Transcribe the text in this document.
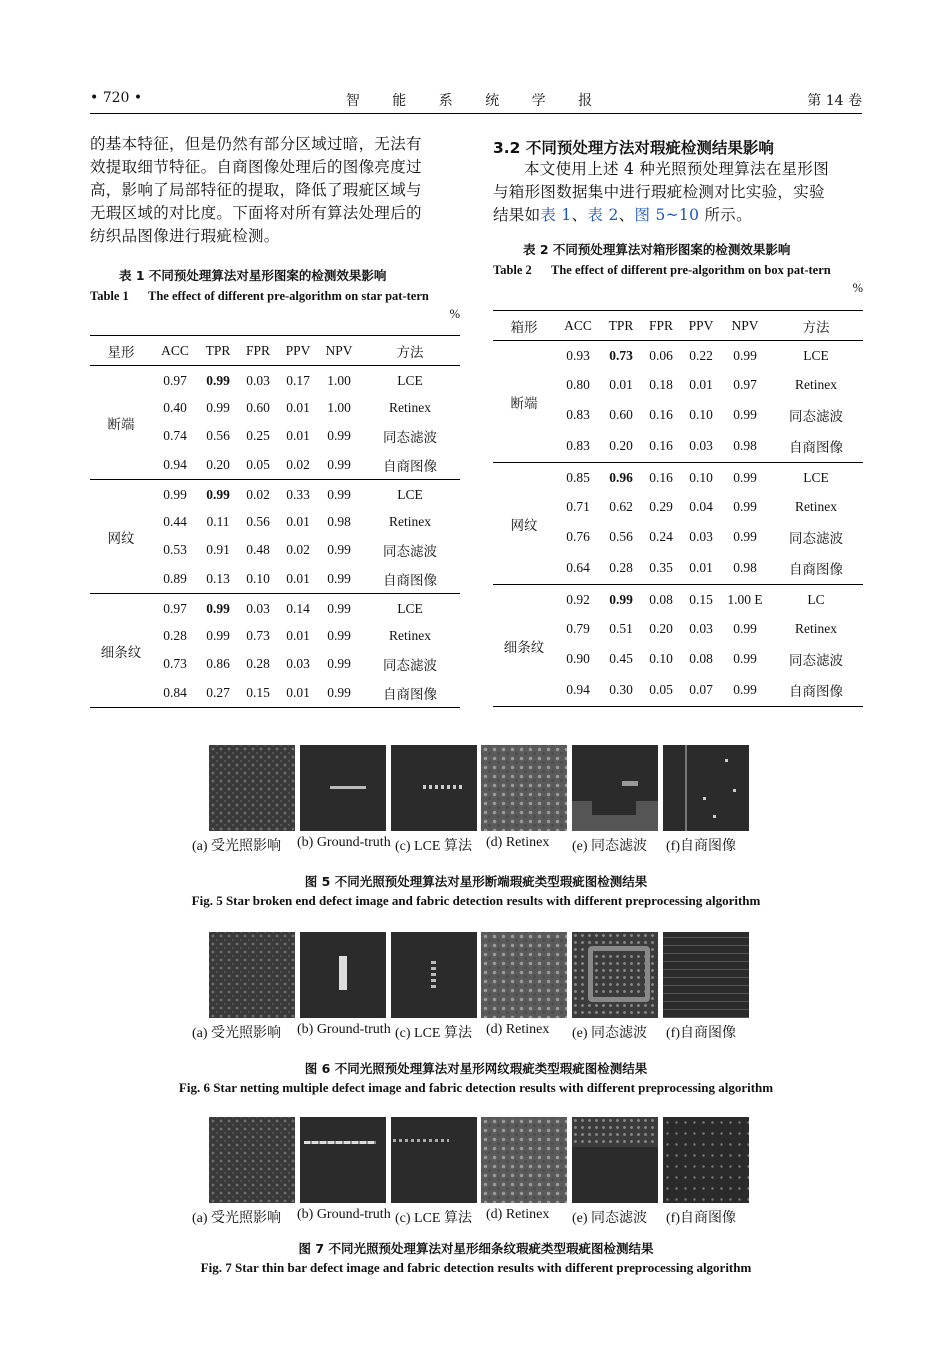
• 720 •	智 能 系 统 学 报	第 14 卷
的基本特征，但是仍然有部分区域过暗，无法有
效提取细节特征。自商图像处理后的图像亮度过
高，影响了局部特征的提取，降低了瑕疵区域与
无瑕区域的对比度。下面将对所有算法处理后的
纺织品图像进行瑕疵检测。
3.2 不同预处理方法对瑕疵检测结果影响
本文使用上述 4 种光照预处理算法在星形图
与箱形图数据集中进行瑕疵检测对比实验，实验
结果如表 1、表 2、图 5~10 所示。
表 1 不同预处理算法对星形图案的检测效果影响
Table 1 The effect of different pre-algorithm on star pat-tern
%
星形	ACC	TPR	FPR	PPV	NPV	方法
断端	0.97	0.99	0.03	0.17	1.00	LCE
	0.40	0.99	0.60	0.01	1.00	Retinex
	0.74	0.56	0.25	0.01	0.99	同态滤波
	0.94	0.20	0.05	0.02	0.99	自商图像
网纹	0.99	0.99	0.02	0.33	0.99	LCE
	0.44	0.11	0.56	0.01	0.98	Retinex
	0.53	0.91	0.48	0.02	0.99	同态滤波
	0.89	0.13	0.10	0.01	0.99	自商图像
细条纹	0.97	0.99	0.03	0.14	0.99	LCE
	0.28	0.99	0.73	0.01	0.99	Retinex
	0.73	0.86	0.28	0.03	0.99	同态滤波
	0.84	0.27	0.15	0.01	0.99	自商图像
表 2 不同预处理算法对箱形图案的检测效果影响
Table 2 The effect of different pre-algorithm on box pat-tern
%
箱形	ACC	TPR	FPR	PPV	NPV	方法
断端	0.93	0.73	0.06	0.22	0.99	LCE
	0.80	0.01	0.18	0.01	0.97	Retinex
	0.83	0.60	0.16	0.10	0.99	同态滤波
	0.83	0.20	0.16	0.03	0.98	自商图像
网纹	0.85	0.96	0.16	0.10	0.99	LCE
	0.71	0.62	0.29	0.04	0.99	Retinex
	0.76	0.56	0.24	0.03	0.99	同态滤波
	0.64	0.28	0.35	0.01	0.98	自商图像
细条纹	0.92	0.99	0.08	0.15	1.00 E	LC
	0.79	0.51	0.20	0.03	0.99	Retinex
	0.90	0.45	0.10	0.08	0.99	同态滤波
	0.94	0.30	0.05	0.07	0.99	自商图像
(a) 受光照影响 (b) Ground-truth (c) LCE 算法 (d) Retinex (e) 同态滤波 (f)自商图像
图 5 不同光照预处理算法对星形断端瑕疵类型瑕疵图检测结果
Fig. 5 Star broken end defect image and fabric detection results with different preprocessing algorithm
(a) 受光照影响 (b) Ground-truth (c) LCE 算法 (d) Retinex (e) 同态滤波 (f)自商图像
图 6 不同光照预处理算法对星形网纹瑕疵类型瑕疵图检测结果
Fig. 6 Star netting multiple defect image and fabric detection results with different preprocessing algorithm
(a) 受光照影响 (b) Ground-truth (c) LCE 算法 (d) Retinex (e) 同态滤波 (f)自商图像
图 7 不同光照预处理算法对星形细条纹瑕疵类型瑕疵图检测结果
Fig. 7 Star thin bar defect image and fabric detection results with different preprocessing algorithm
